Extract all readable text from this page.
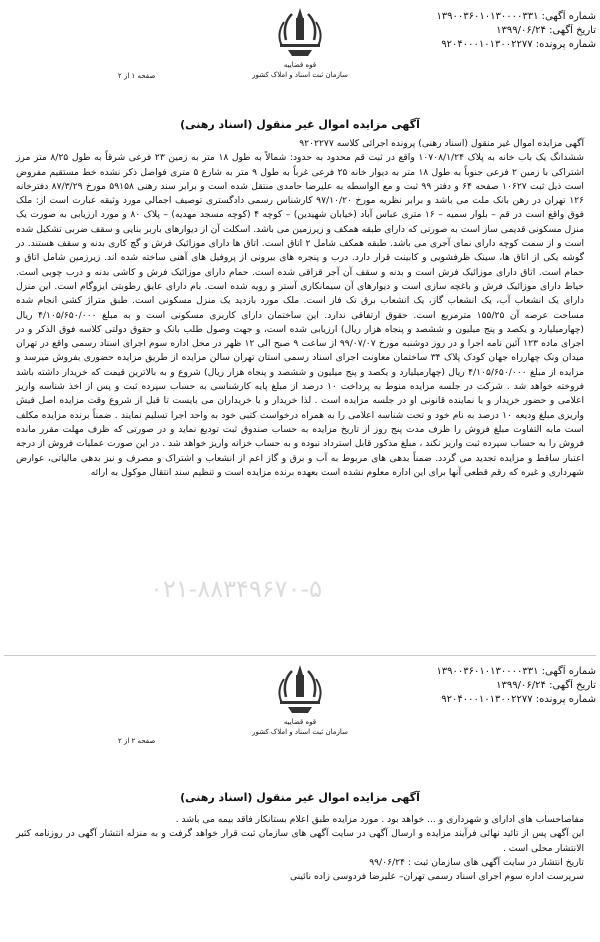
شماره آگهی: ۱۳۹۰۰۳۶۰۱۰۱۳۰۰۰۰۳۳۱
تاریخ آگهی: ۱۳۹۹/۰۶/۲۴
شماره پرونده: ۹۲۰۴۰۰۰۱۰۱۳۰۰۲۲۷۷
قوه قضاییه
سازمان ثبت اسناد و املاک کشور
صفحه ۱ از ۲
آگهی مزایده اموال غیر منقول (اسناد رهنی)

آگهی مزایده اموال غیر منقول (اسناد رهنی) پرونده اجرائی کلاسه ۹۲۰۲۲۷۷

ششدانگ یک باب خانه به پلاک ۱۰۷۰۸/۱/۲۴ واقع در ثبت قم محدود به حدود: شمالاً به طول ۱۸ متر به زمین ۲۳ فرعی شرقاً به طول ۸/۲۵ متر مرز اشتراکی با زمین ۲ فرعی جنوباً به طول ۱۸ متر به دیوار خانه ۲۵ فرعی غرباً به طول ۹ متر به شارع ۵ متری فواصل ذکر نشده خط مستقیم مفروض است ذیل ثبت ۱۰۶۲۷ صفحه ۶۴ و دفتر ۹۹ ثبت و مع الواسطه به علیرضا حامدی منتقل شده است و برابر سند رهنی ۵۹۱۵۸ مورخ ۸۷/۳/۲۹ دفترخانه ۱۲۶ تهران در رهن بانک ملت می باشد و برابر نظریه مورخ ۹۷/۱۰/۲۰ کارشناس رسمی دادگستری توصیف اجمالی مورد وثیقه عبارت است از: ملک فوق واقع است در قم – بلوار سمیه – ۱۶ متری عباس آباد (خیابان شهیدین) – کوچه ۴ (کوچه مسجد مهدیه) – پلاک ۸۰ و مورد ارزیابی به صورت یک منزل مسکونی قدیمی ساز است به صورتی که دارای طبقه همکف و زیرزمین می باشد. اسکلت آن از دیوارهای باربر بنایی و سقف ضربی تشکیل شده است و از سمت کوچه دارای نمای آجری می باشد. طبقه همکف شامل ۲ اتاق است. اتاق ها دارای موزائیک فرش و گچ کاری بدنه و سقف هستند. در گوشه یکی از اتاق ها، سینک ظرفشویی و کابینت قرار دارد. درب و پنجره های بیرونی از پروفیل های آهنی ساخته شده اند. زیرزمین شامل اتاق و حمام است. اتاق دارای موزائیک فرش است و بدنه و سقف آن آجر قزاقی شده است. حمام دارای موزائیک فرش و کاشی بدنه و درب چوبی است. حیاط دارای موزائیک فرش و باغچه سازی است و دیوارهای آن سیمانکاری آستر و رویه شده است. بام دارای عایق رطوبتی ایزوگام است. این منزل دارای یک انشعاب آب، یک انشعاب گاز، یک انشعاب برق تک فاز است. ملک مورد بازدید یک منزل مسکونی است. طبق متراژ کشی انجام شده مساحت عرصه آن ۱۵۵/۲۵ مترمربع است. حقوق ارتفاقی ندارد. این ساختمان دارای کاربری مسکونی است و به مبلغ ۴/۱۰۵/۶۵۰/۰۰۰ ریال (چهارمیلیارد و یکصد و پنج میلیون و ششصد و پنجاه هزار ریال) ارزیابی شده است، و جهت وصول طلب بانک و حقوق دولتی کلاسه فوق الذکر و در اجرای ماده ۱۲۳ آئین نامه اجرا و در روز دوشنبه مورخ ۹۹/۰۷/۰۷ از ساعت ۹ صبح الی ۱۲ ظهر در محل اداره سوم اجرای اسناد رسمی واقع در تهران میدان ونک چهارراه جهان کودک پلاک ۳۴ ساختمان معاونت اجرای اسناد رسمی استان تهران سالن مزایده از طریق مزایده حضوری بفروش میرسد و مزایده از مبلغ ۴/۱۰۵/۶۵۰/۰۰۰ ریال (چهارمیلیارد و یکصد و پنج میلیون و ششصد و پنجاه هزار ریال) شروع و به بالاترین قیمت که خریدار داشته باشد فروخته خواهد شد . شرکت در جلسه مزایده منوط به پرداخت ۱۰ درصد از مبلغ پایه کارشناسی به حساب سپرده ثبت و پس از اخذ شناسه واریز اعلامی و حضور خریدار و یا نماینده قانونی او در جلسه مزایده است . لذا خریدار و یا خریداران می بایست تا قبل از شروع وقت مزایده اصل فیش واریزی مبلغ ودیعه ۱۰ درصد به نام خود و تحت شناسه اعلامی را به همراه درخواست کتبی خود به واحد اجرا تسلیم نمایند . ضمناً برنده مزایده مکلف است مابه التفاوت مبلغ فروش را ظرف مدت پنج روز از تاریخ مزایده به حساب صندوق ثبت تودیع نماید و در صورتی که ظرف مهلت مقرر مانده فروش را به حساب سپرده ثبت واریز نکند ، مبلغ مذکور قابل استرداد نبوده و به حساب خزانه واریز خواهد شد . در این صورت عملیات فروش از درجه اعتبار ساقط و مزایده تجدید می گردد. ضمناً بدهی های مربوط به آب و برق و گاز اعم از انشعاب و اشتراک و مصرف و نیز بدهی مالیاتی، عوارض شهرداری و غیره که رقم قطعی آنها برای این اداره معلوم نشده است بعهده برنده مزایده است و تنظیم سند انتقال موکول به ارائه

۰۲۱-۸۸۳۴۹۶۷۰-۵
شماره آگهی: ۱۳۹۰۰۳۶۰۱۰۱۳۰۰۰۰۳۳۱
تاریخ آگهی: ۱۳۹۹/۰۶/۲۴
شماره پرونده: ۹۲۰۴۰۰۰۱۰۱۳۰۰۲۲۷۷
قوه قضاییه
سازمان ثبت اسناد و املاک کشور
صفحه ۲ از ۲
آگهی مزایده اموال غیر منقول (اسناد رهنی)

مفاصاحساب های ادارای و شهرداری و ... خواهد بود . مورد مزایده طبق اعلام بستانکار فاقد بیمه می باشد .

این آگهی پس از تائید نهائی فرآیند مزایده و ارسال آگهی در سایت آگهی های سازمان ثبت قرار خواهد گرفت و به منزله انتشار آگهی در روزنامه کثیر الانتشار محلی است .

تاریخ انتشار در سایت آگهی های سازمان ثبت : ۹۹/۰۶/۲۴

سرپرست اداره سوم اجرای اسناد رسمی تهران– علیرضا فردوسی زاده نائینی
